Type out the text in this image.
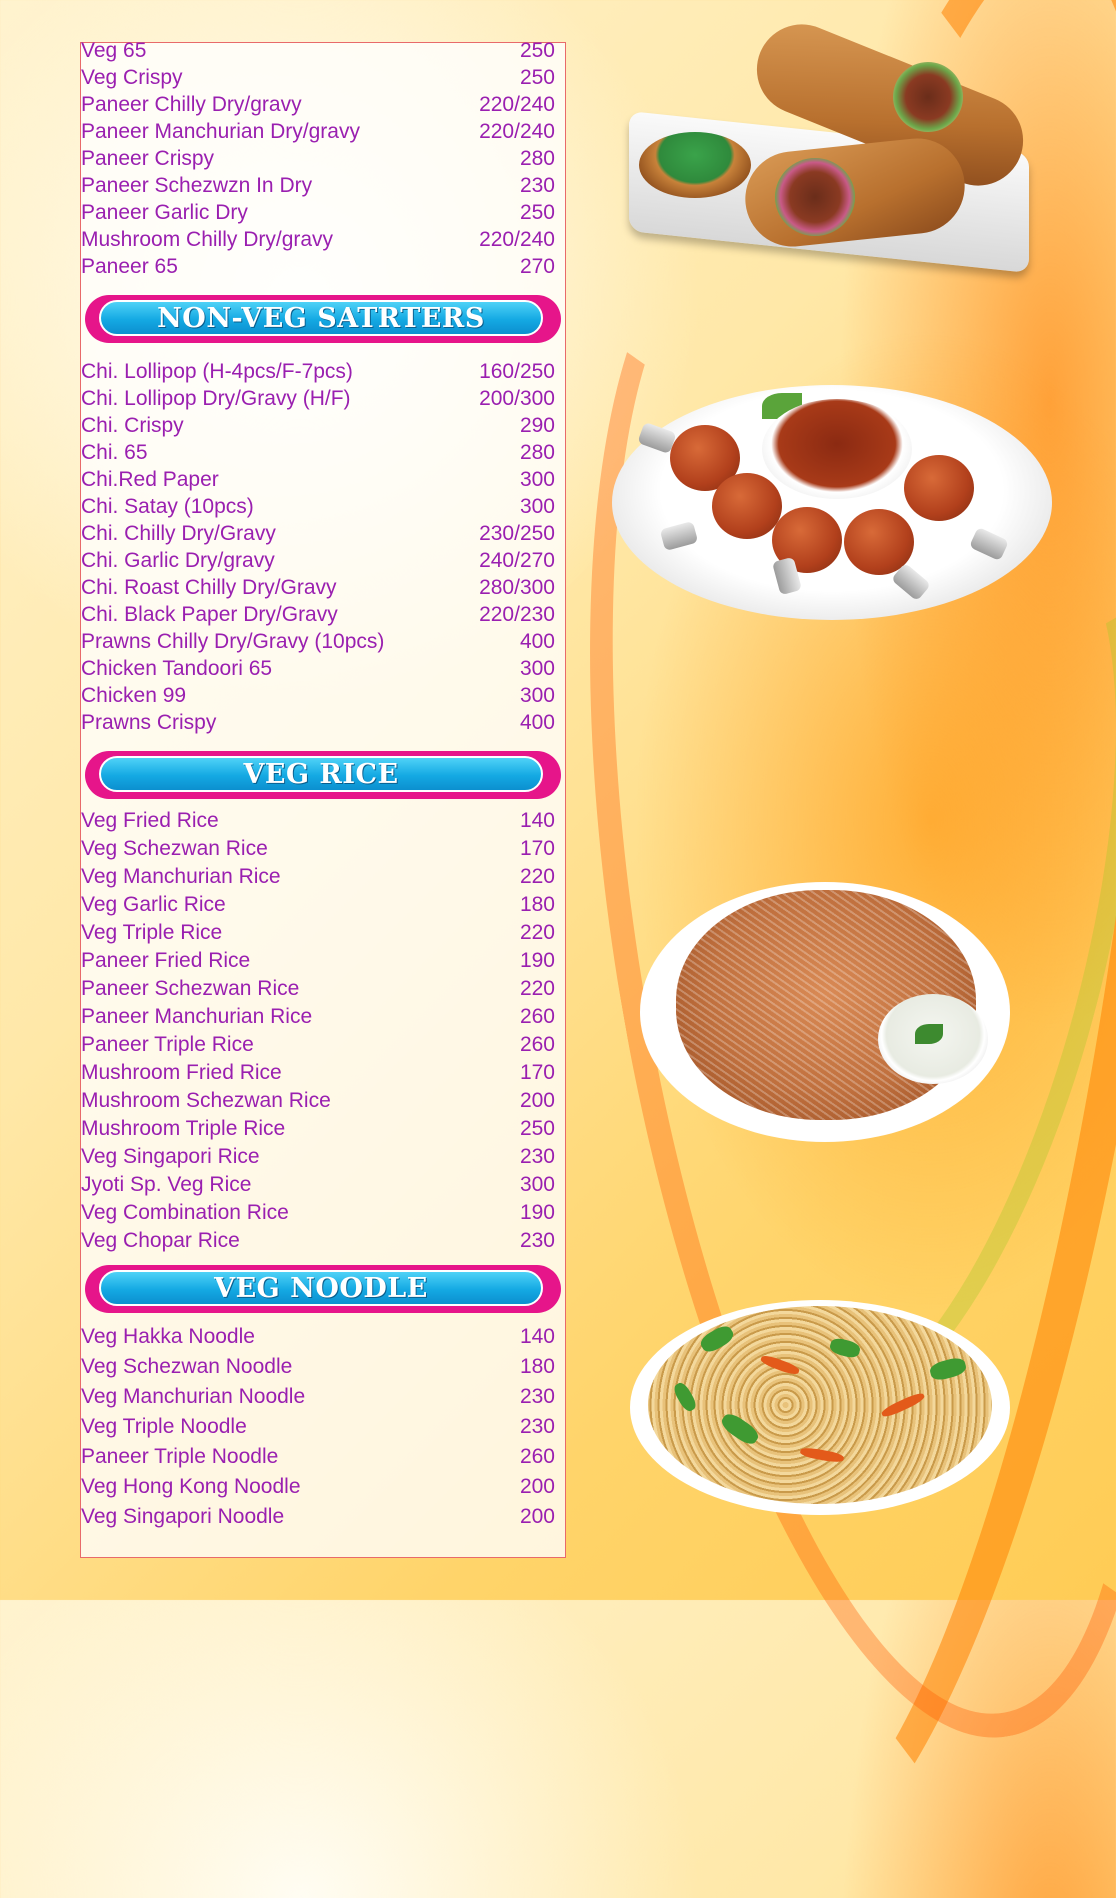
Veg 65	250
Veg Crispy	250
Paneer Chilly Dry/gravy	220/240
Paneer Manchurian Dry/gravy	220/240
Paneer Crispy	280
Paneer Schezwzn In Dry	230
Paneer Garlic Dry	250
Mushroom Chilly Dry/gravy	220/240
Paneer 65	270
NON-VEG SATRTERS
Chi. Lollipop (H-4pcs/F-7pcs)	160/250
Chi. Lollipop Dry/Gravy (H/F)	200/300
Chi. Crispy	290
Chi. 65	280
Chi.Red Paper	300
Chi. Satay (10pcs)	300
Chi. Chilly Dry/Gravy	230/250
Chi. Garlic Dry/gravy	240/270
Chi. Roast Chilly Dry/Gravy	280/300
Chi. Black Paper Dry/Gravy	220/230
Prawns Chilly Dry/Gravy (10pcs)	400
Chicken Tandoori 65	300
Chicken 99	300
Prawns Crispy	400
VEG RICE
Veg Fried Rice	140
Veg Schezwan Rice	170
Veg Manchurian Rice	220
Veg Garlic Rice	180
Veg Triple Rice	220
Paneer Fried Rice	190
Paneer Schezwan Rice	220
Paneer Manchurian Rice	260
Paneer Triple Rice	260
Mushroom Fried Rice	170
Mushroom Schezwan Rice	200
Mushroom Triple Rice	250
Veg Singapori Rice	230
Jyoti Sp. Veg Rice	300
Veg Combination Rice	190
Veg Chopar Rice	230
VEG NOODLE
Veg Hakka Noodle	140
Veg Schezwan Noodle	180
Veg Manchurian Noodle	230
Veg Triple Noodle	230
Paneer Triple Noodle	260
Veg Hong Kong Noodle	200
Veg Singapori Noodle	200
